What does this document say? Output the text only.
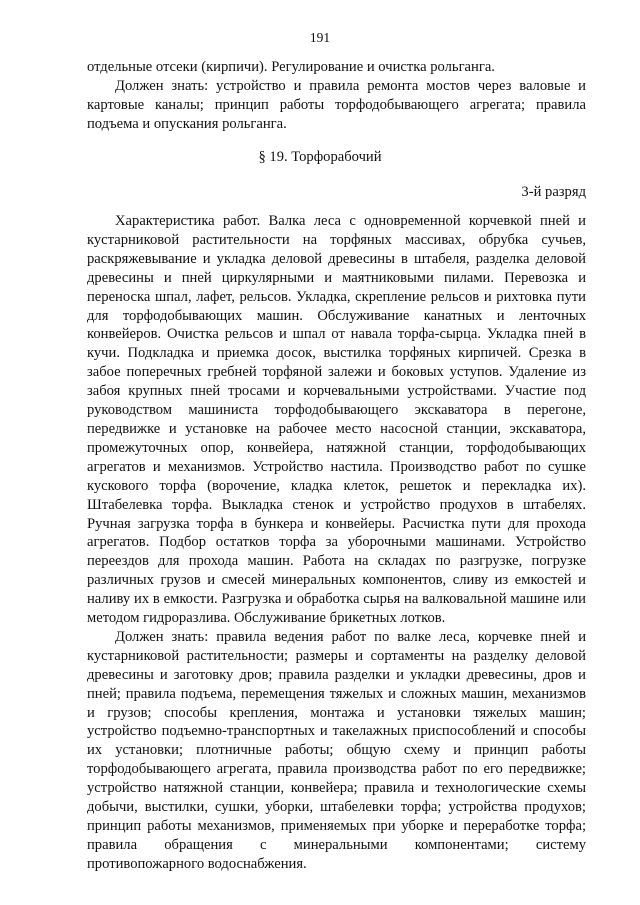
191

отдельные отсеки (кирпичи). Регулирование и очистка рольганга.

Должен знать: устройство и правила ремонта мостов через валовые и картовые каналы; принцип работы торфодобывающего агрегата; правила подъема и опускания рольганга.

§ 19. Торфорабочий
3-й разряд

Характеристика работ. Валка леса с одновременной корчевкой пней и кустарниковой растительности на торфяных массивах, обрубка сучьев, раскряжевывание и укладка деловой древесины в штабеля, разделка деловой древесины и пней циркулярными и маятниковыми пилами. Перевозка и переноска шпал, лафет, рельсов. Укладка, скрепление рельсов и рихтовка пути для торфодобывающих машин. Обслуживание канатных и ленточных конвейеров. Очистка рельсов и шпал от навала торфа-сырца. Укладка пней в кучи. Подкладка и приемка досок, выстилка торфяных кирпичей. Срезка в забое поперечных гребней торфяной залежи и боковых уступов. Удаление из забоя крупных пней тросами и корчевальными устройствами. Участие под руководством машиниста торфодобывающего экскаватора в перегоне, передвижке и установке на рабочее место насосной станции, экскаватора, промежуточных опор, конвейера, натяжной станции, торфодобывающих агрегатов и механизмов. Устройство настила. Производство работ по сушке кускового торфа (ворочение, кладка клеток, решеток и перекладка их). Штабелевка торфа. Выкладка стенок и устройство продухов в штабелях. Ручная загрузка торфа в бункера и конвейеры. Расчистка пути для прохода агрегатов. Подбор остатков торфа за уборочными машинами. Устройство переездов для прохода машин. Работа на складах по разгрузке, погрузке различных грузов и смесей минеральных компонентов, сливу из емкостей и наливу их в емкости. Разгрузка и обработка сырья на валковальной машине или методом гидроразлива. Обслуживание брикетных лотков.

Должен знать: правила ведения работ по валке леса, корчевке пней и кустарниковой растительности; размеры и сортаменты на разделку деловой древесины и заготовку дров; правила разделки и укладки древесины, дров и пней; правила подъема, перемещения тяжелых и сложных машин, механизмов и грузов; способы крепления, монтажа и установки тяжелых машин; устройство подъемно-транспортных и такелажных приспособлений и способы их установки; плотничные работы; общую схему и принцип работы торфодобывающего агрегата, правила производства работ по его передвижке; устройство натяжной станции, конвейера; правила и технологические схемы добычи, выстилки, сушки, уборки, штабелевки торфа; устройства продухов; принцип работы механизмов, применяемых при уборке и переработке торфа; правила обращения с минеральными компонентами; систему противопожарного водоснабжения.
